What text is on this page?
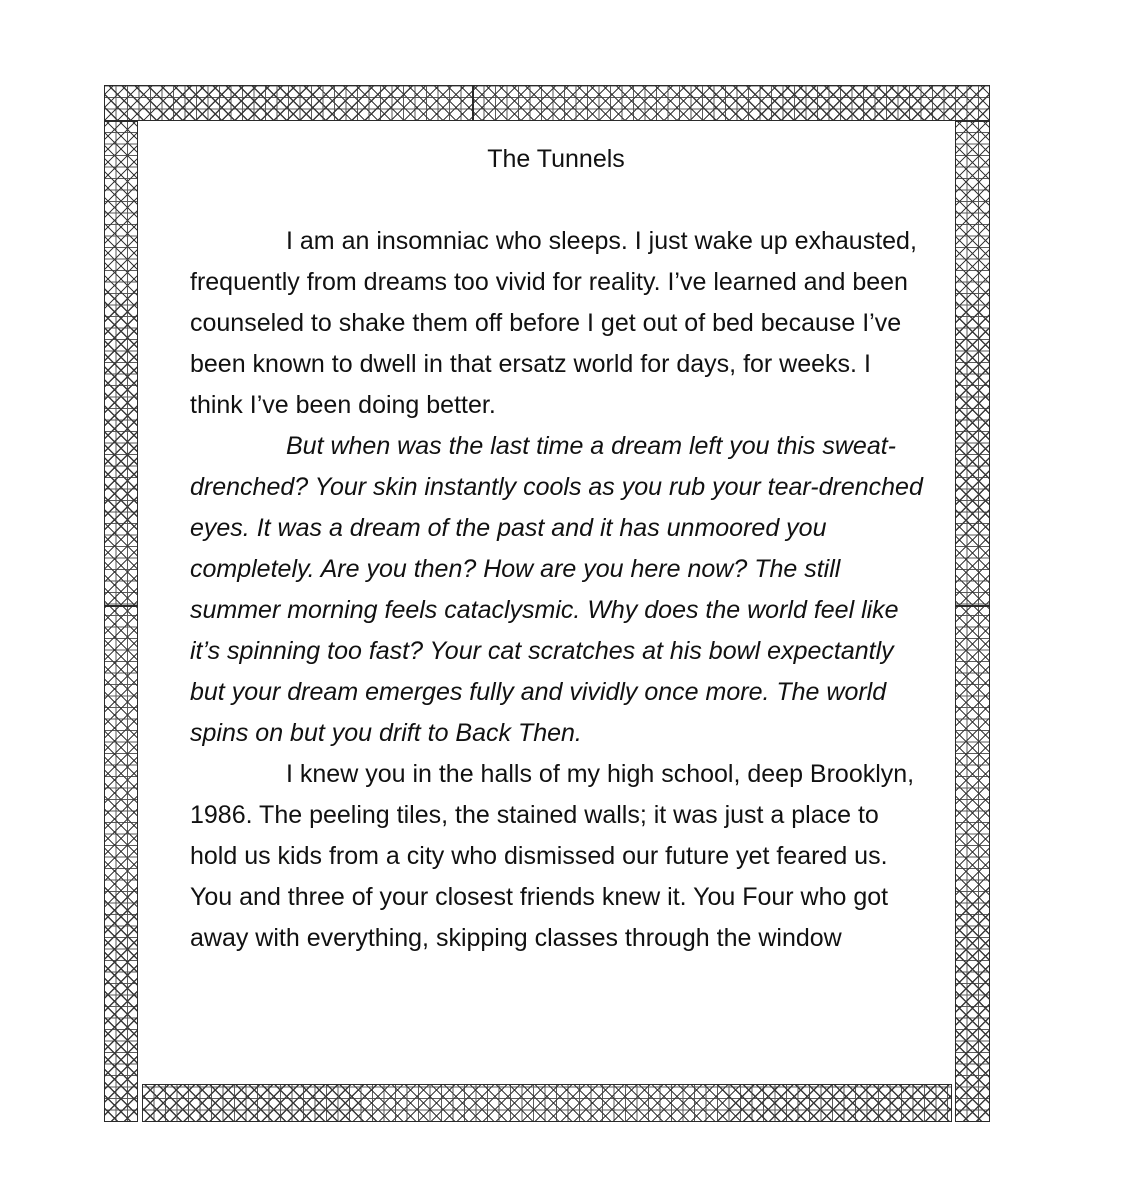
The Tunnels

I am an insomniac who sleeps. I just wake up exhausted, frequently from dreams too vivid for reality. I’ve learned and been counseled to shake them off before I get out of bed because I’ve been known to dwell in that ersatz world for days, for weeks. I think I’ve been doing better.

But when was the last time a dream left you this sweat-drenched? Your skin instantly cools as you rub your tear-drenched eyes. It was a dream of the past and it has unmoored you completely. Are you then? How are you here now? The still summer morning feels cataclysmic. Why does the world feel like it’s spinning too fast? Your cat scratches at his bowl expectantly but your dream emerges fully and vividly once more. The world spins on but you drift to Back Then.

I knew you in the halls of my high school, deep Brooklyn, 1986. The peeling tiles, the stained walls; it was just a place to hold us kids from a city who dismissed our future yet feared us. You and three of your closest friends knew it. You Four who got away with everything, skipping classes through the window
